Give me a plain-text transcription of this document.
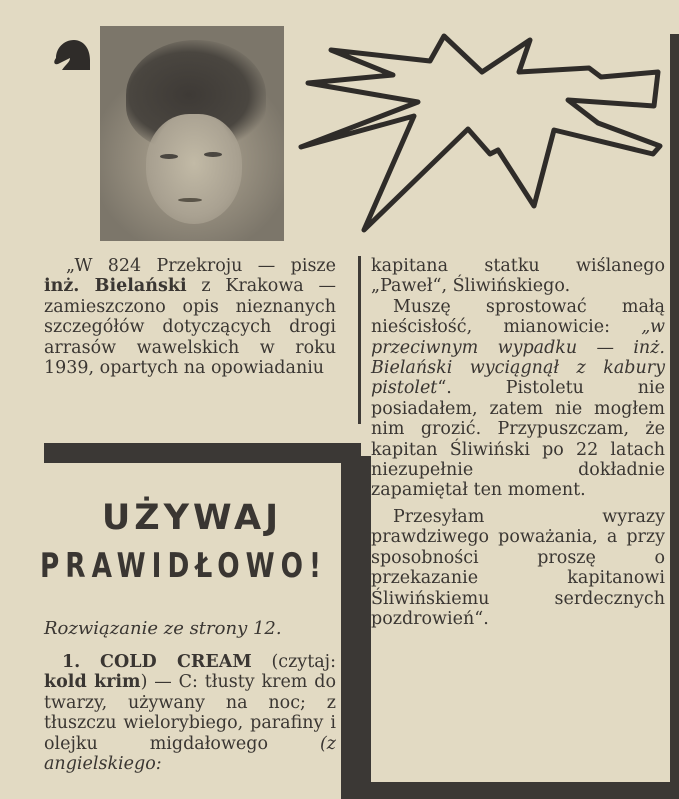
„W 824 Przekroju — pisze inż. Bielański z Krakowa — zamieszczono opis nieznanych szczegółów dotyczących drogi arrasów wawelskich w roku 1939, opartych na opowiadaniu

kapitana statku wiślanego „Paweł“, Śliwińskiego.

Muszę sprostować małą nieścisłość, mianowicie: „w przeciwnym wypadku — inż. Bielański wyciągnął z kabury pistolet“. Pistoletu nie posiadałem, zatem nie mogłem nim grozić. Przypuszczam, że kapitan Śliwiński po 22 latach niezupełnie dokładnie zapamiętał ten moment.

Przesyłam wyrazy prawdziwego poważania, a przy sposobności proszę o przekazanie kapitanowi Śliwińskiemu serdecznych pozdrowień“.

UŻYWAJ
PRAWIDŁOWO!
Rozwiązanie ze strony 12.

1. COLD CREAM (czytaj: kold krim) — C: tłusty krem do twarzy, używany na noc; z tłuszczu wielorybiego, parafiny i olejku migdałowego (z angielskiego:
